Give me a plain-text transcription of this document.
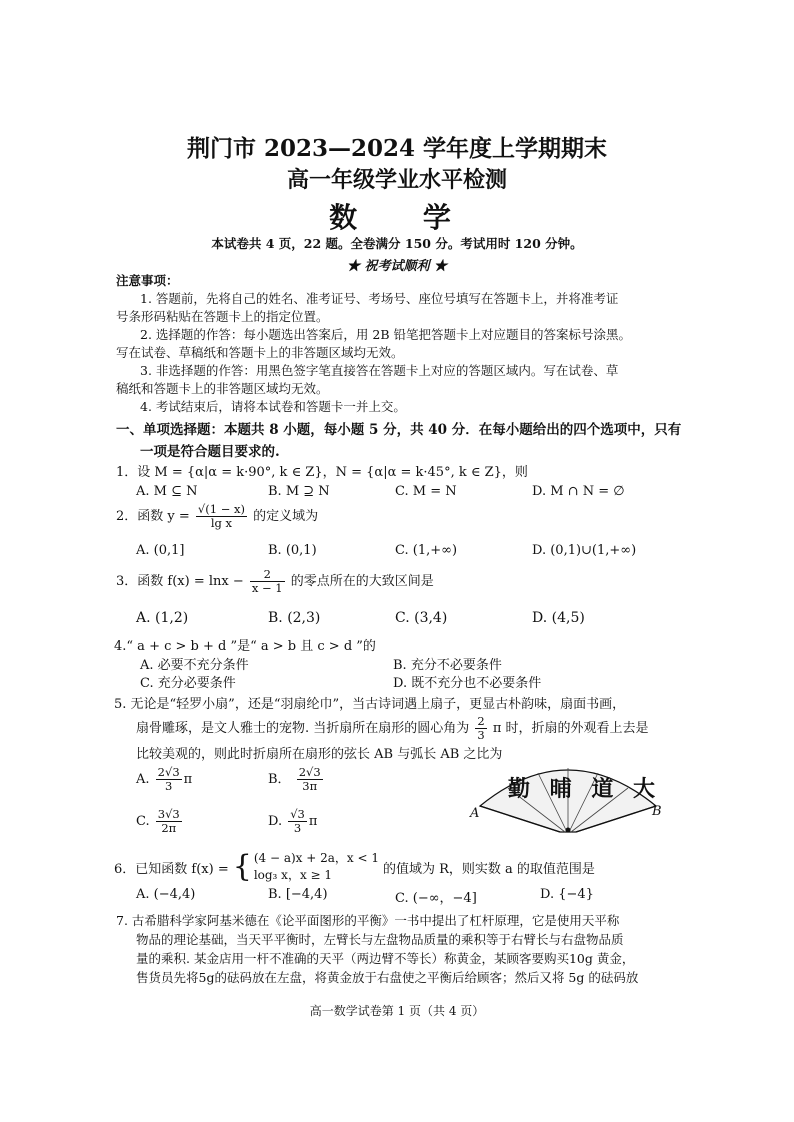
荆门市 2023—2024 学年度上学期期末
高一年级学业水平检测
数 学
本试卷共 4 页，22 题。全卷满分 150 分。考试用时 120 分钟。
★ 祝考试顺利 ★
注意事项：
1. 答题前，先将自己的姓名、准考证号、考场号、座位号填写在答题卡上，并将准考证
号条形码粘贴在答题卡上的指定位置。
2. 选择题的作答：每小题选出答案后，用 2B 铅笔把答题卡上对应题目的答案标号涂黑。
写在试卷、草稿纸和答题卡上的非答题区域均无效。
3. 非选择题的作答：用黑色签字笔直接答在答题卡上对应的答题区域内。写在试卷、草
稿纸和答题卡上的非答题区域均无效。
4. 考试结束后，请将本试卷和答题卡一并上交。
一、单项选择题：本题共 8 小题，每小题 5 分，共 40 分．在每小题给出的四个选项中，只有
一项是符合题目要求的.
1．设 M = {α|α = k·90°, k ∈ Z}，N = {α|α = k·45°, k ∈ Z}，则
A. M ⊆ N	B. M ⊇ N	C. M = N	D. M ∩ N = ∅
2．函数 $y = \frac{√(1 - x)}{\text{lg x}}$ 的定义域为
A. (0,1]	B. (0,1)	C. (1,+∞)	D. (0,1)∪(1,+∞)
3．函数 $f(x) = \ln x - \frac{2}{x - 1}$ 的零点所在的大致区间是
A. (1,2)	B. (2,3)	C. (3,4)	D. (4,5)
4.“ a + c > b + d ”是“ a > b 且 c > d ”的
A. 必要不充分条件	B. 充分不必要条件
C. 充分必要条件	D. 既不充分也不必要条件
5. 无论是“轻罗小扇”，还是“羽扇纶巾”，当古诗词遇上扇子，更显古朴韵味，扇面书画，
扇骨雕琢，是文人雅士的宠物. 当折扇所在扇形的圆心角为 $\frac{2}{3}$ π 时，折扇的外观看上去是
比较美观的，则此时折扇所在扇形的弦长 AB 与弧长 AB 之比为
A. $\frac{2√3}{3}$ π	B． $\frac{2√3}{3\pi}$
C. $\frac{3√3}{2\pi}$	D. $\frac{√3}{3}$ π
勤 晡 道 大
A	B
6．已知函数 f(x) = { (4 − a)x + 2a，x < 1
log₃ x，x ≥ 1	的值域为 R，则实数 a 的取值范围是
A. (−4,4)	B. [−4,4)	C. (−∞，−4]	D. {−4}
7. 古希腊科学家阿基米德在《论平面图形的平衡》一书中提出了杠杆原理，它是使用天平称
物品的理论基础，当天平平衡时，左臂长与左盘物品质量的乘积等于右臂长与右盘物品质
量的乘积. 某金店用一杆不准确的天平（两边臂不等长）称黄金，某顾客要购买10g 黄金，
售货员先将5g的砝码放在左盘，将黄金放于右盘使之平衡后给顾客；然后又将 5g 的砝码放
高一数学试卷第 1 页（共 4 页）
